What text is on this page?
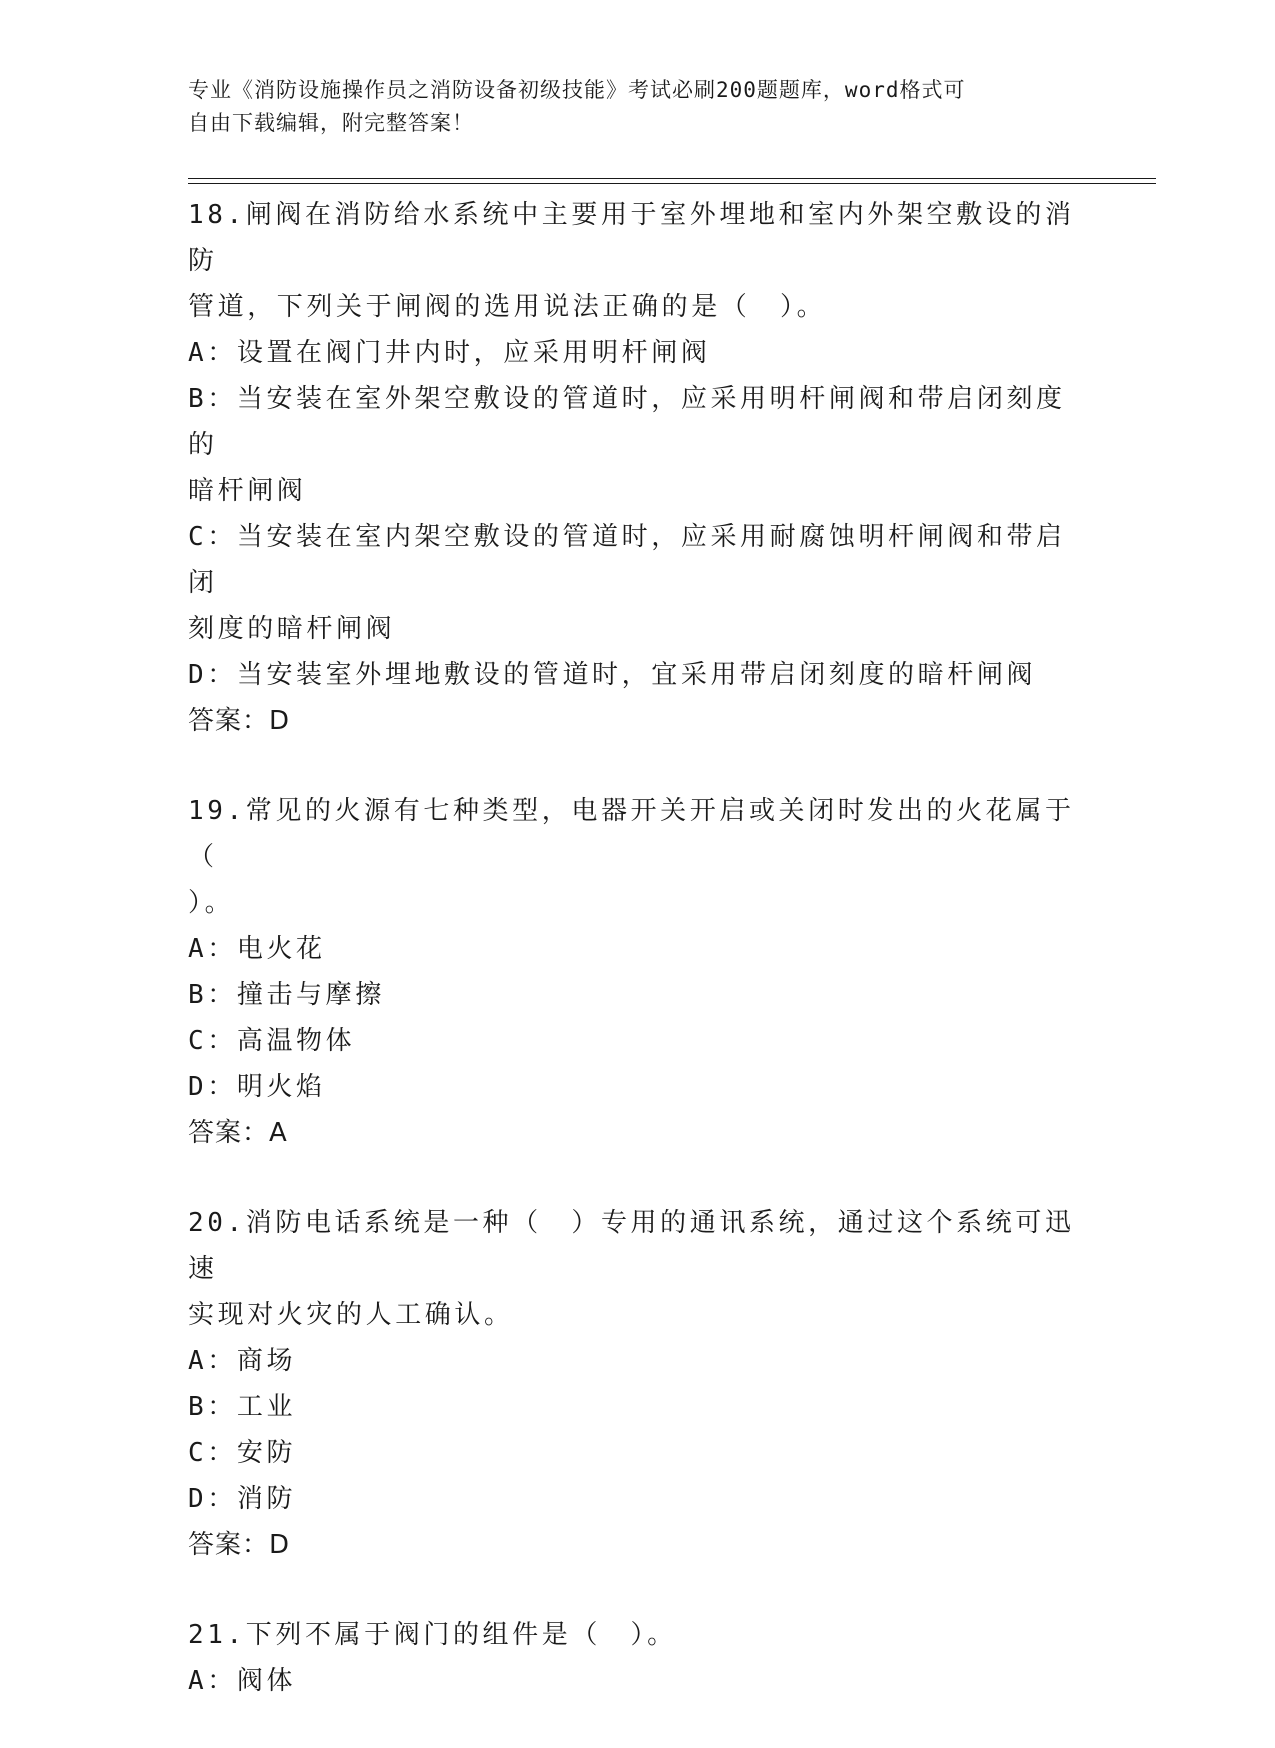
专业《消防设施操作员之消防设备初级技能》考试必刷200题题库，word格式可
自由下载编辑，附完整答案！

18.闸阀在消防给水系统中主要用于室外埋地和室内外架空敷设的消防

管道，下列关于闸阀的选用说法正确的是（　）。

A：设置在阀门井内时，应采用明杆闸阀

B：当安装在室外架空敷设的管道时，应采用明杆闸阀和带启闭刻度的

暗杆闸阀

C：当安装在室内架空敷设的管道时，应采用耐腐蚀明杆闸阀和带启闭

刻度的暗杆闸阀

D：当安装室外埋地敷设的管道时，宜采用带启闭刻度的暗杆闸阀

答案：D

19.常见的火源有七种类型，电器开关开启或关闭时发出的火花属于（

）。

A：电火花

B：撞击与摩擦

C：高温物体

D：明火焰

答案：A

20.消防电话系统是一种（　）专用的通讯系统，通过这个系统可迅速

实现对火灾的人工确认。

A：商场

B：工业

C：安防

D：消防

答案：D

21.下列不属于阀门的组件是（　）。

A：阀体
